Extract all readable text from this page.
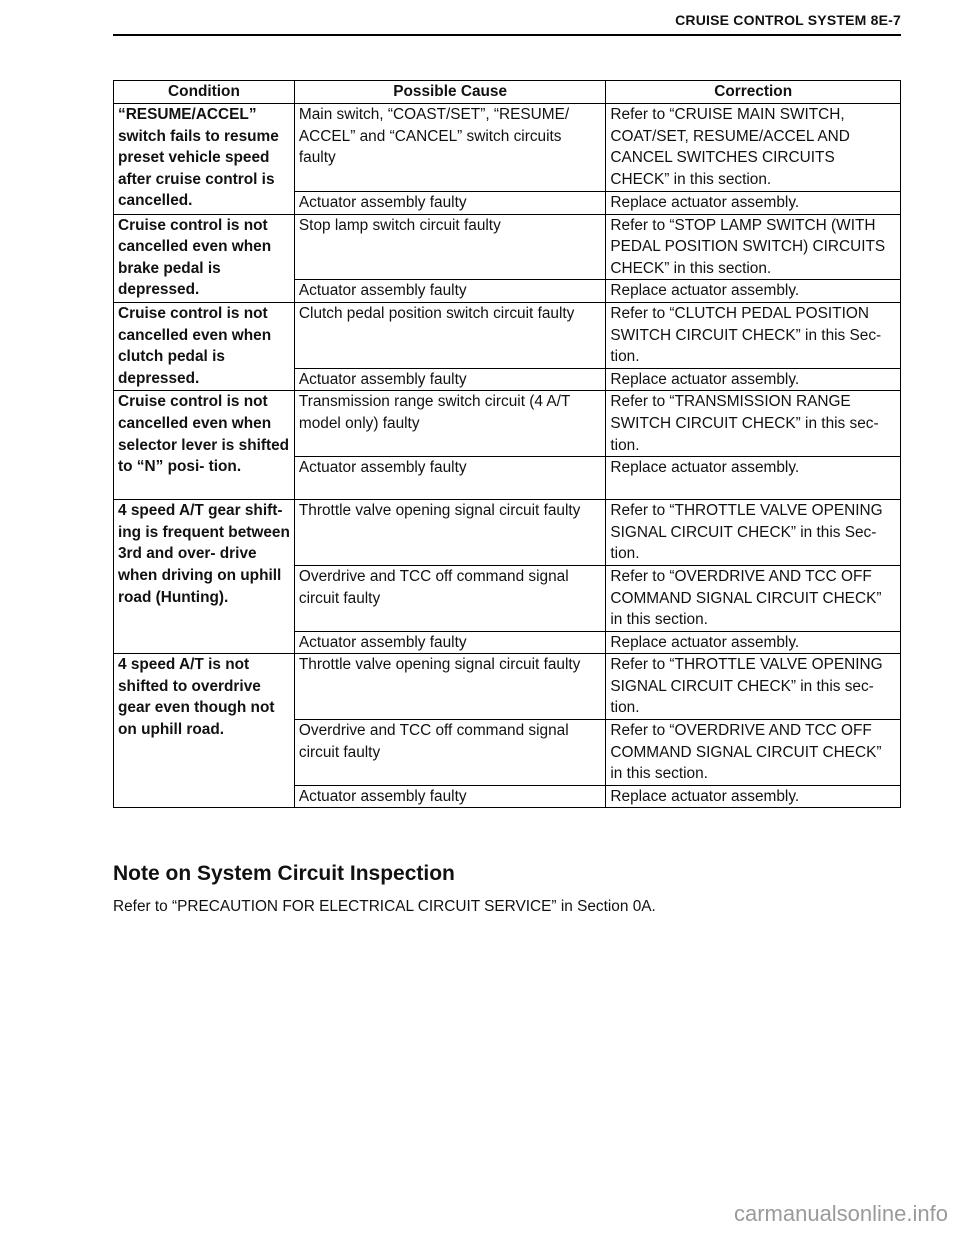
CRUISE CONTROL SYSTEM 8E-7
Condition	Possible Cause	Correction
“RESUME/ACCEL” switch fails to resume preset vehicle speed after cruise control is cancelled.	Main switch, “COAST/SET”, “RESUME/ ACCEL” and “CANCEL” switch circuits faulty	Refer to “CRUISE MAIN SWITCH, COAT/SET, RESUME/ACCEL AND CANCEL SWITCHES CIRCUITS CHECK” in this section.
	Actuator assembly faulty	Replace actuator assembly.
Cruise control is not cancelled even when brake pedal is depressed.	Stop lamp switch circuit faulty	Refer to “STOP LAMP SWITCH (WITH PEDAL POSITION SWITCH) CIRCUITS CHECK” in this section.
	Actuator assembly faulty	Replace actuator assembly.
Cruise control is not cancelled even when clutch pedal is depressed.	Clutch pedal position switch circuit faulty	Refer to “CLUTCH PEDAL POSITION SWITCH CIRCUIT CHECK” in this Sec- tion.
	Actuator assembly faulty	Replace actuator assembly.
Cruise control is not cancelled even when selector lever is shifted to “N” posi- tion.	Transmission range switch circuit (4 A/T model only) faulty	Refer to “TRANSMISSION RANGE SWITCH CIRCUIT CHECK” in this sec- tion.
	Actuator assembly faulty	Replace actuator assembly.
4 speed A/T gear shift- ing is frequent between 3rd and over- drive when driving on uphill road (Hunting).	Throttle valve opening signal circuit faulty	Refer to “THROTTLE VALVE OPENING SIGNAL CIRCUIT CHECK” in this Sec- tion.
	Overdrive and TCC off command signal circuit faulty	Refer to “OVERDRIVE AND TCC OFF COMMAND SIGNAL CIRCUIT CHECK” in this section.
	Actuator assembly faulty	Replace actuator assembly.
4 speed A/T is not shifted to overdrive gear even though not on uphill road.	Throttle valve opening signal circuit faulty	Refer to “THROTTLE VALVE OPENING SIGNAL CIRCUIT CHECK” in this sec- tion.
	Overdrive and TCC off command signal circuit faulty	Refer to “OVERDRIVE AND TCC OFF COMMAND SIGNAL CIRCUIT CHECK” in this section.
	Actuator assembly faulty	Replace actuator assembly.
Note on System Circuit Inspection

Refer to “PRECAUTION FOR ELECTRICAL CIRCUIT SERVICE” in Section 0A.

carmanualsonline.info
